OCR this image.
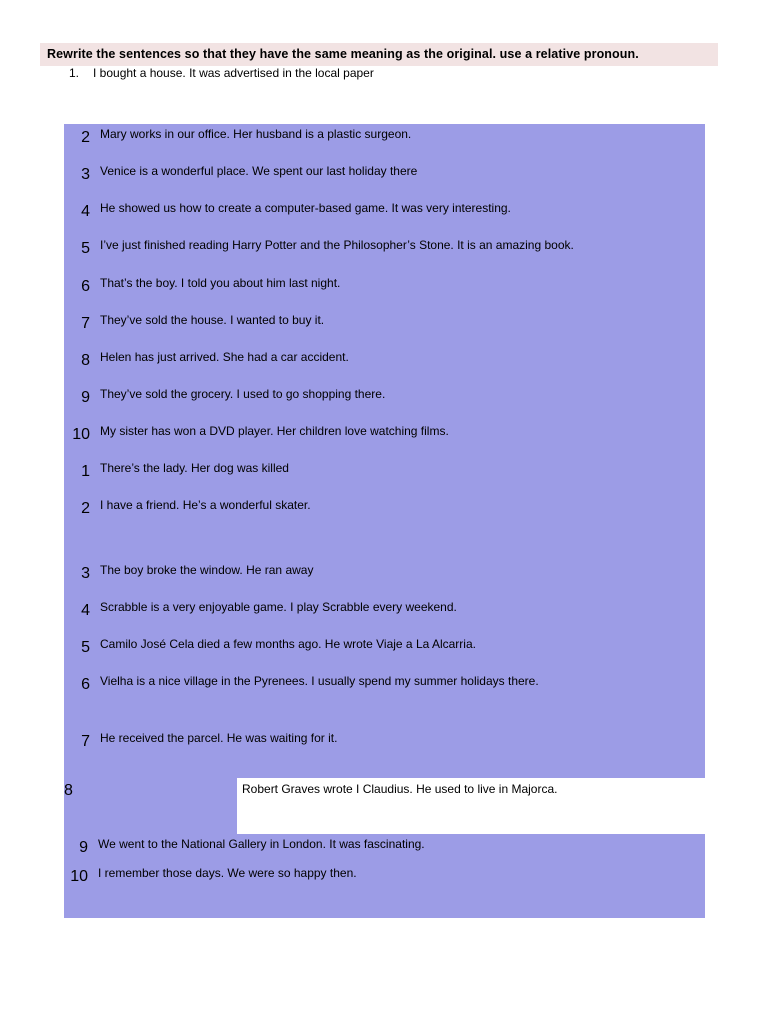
Rewrite the sentences so that they have the same meaning as the original. use a relative pronoun.
1. I bought a house. It was advertised in the local paper
2 Mary works in our office. Her husband is a plastic surgeon.
3 Venice is a wonderful place. We spent our last holiday there
4 He showed us how to create a computer-based game. It was very interesting.
5 I’ve just finished reading Harry Potter and the Philosopher’s Stone. It is an amazing book.
6 That’s the boy. I told you about him last night.
7 They’ve sold the house. I wanted to buy it.
8 Helen has just arrived. She had a car accident.
9 They’ve sold the grocery. I used to go shopping there.
10 My sister has won a DVD player. Her children love watching films.
1 There’s the lady. Her dog was killed
2 I have a friend. He’s a wonderful skater.
3 The boy broke the window. He ran away
4 Scrabble is a very enjoyable game. I play Scrabble every weekend.
5 Camilo José Cela died a few months ago. He wrote Viaje a La Alcarria.
6 Vielha is a nice village in the Pyrenees. I usually spend my summer holidays there.
7 He received the parcel. He was waiting for it.
8	Robert Graves wrote I Claudius. He used to live in Majorca.
9 We went to the National Gallery in London. It was fascinating.
10 I remember those days. We were so happy then.
